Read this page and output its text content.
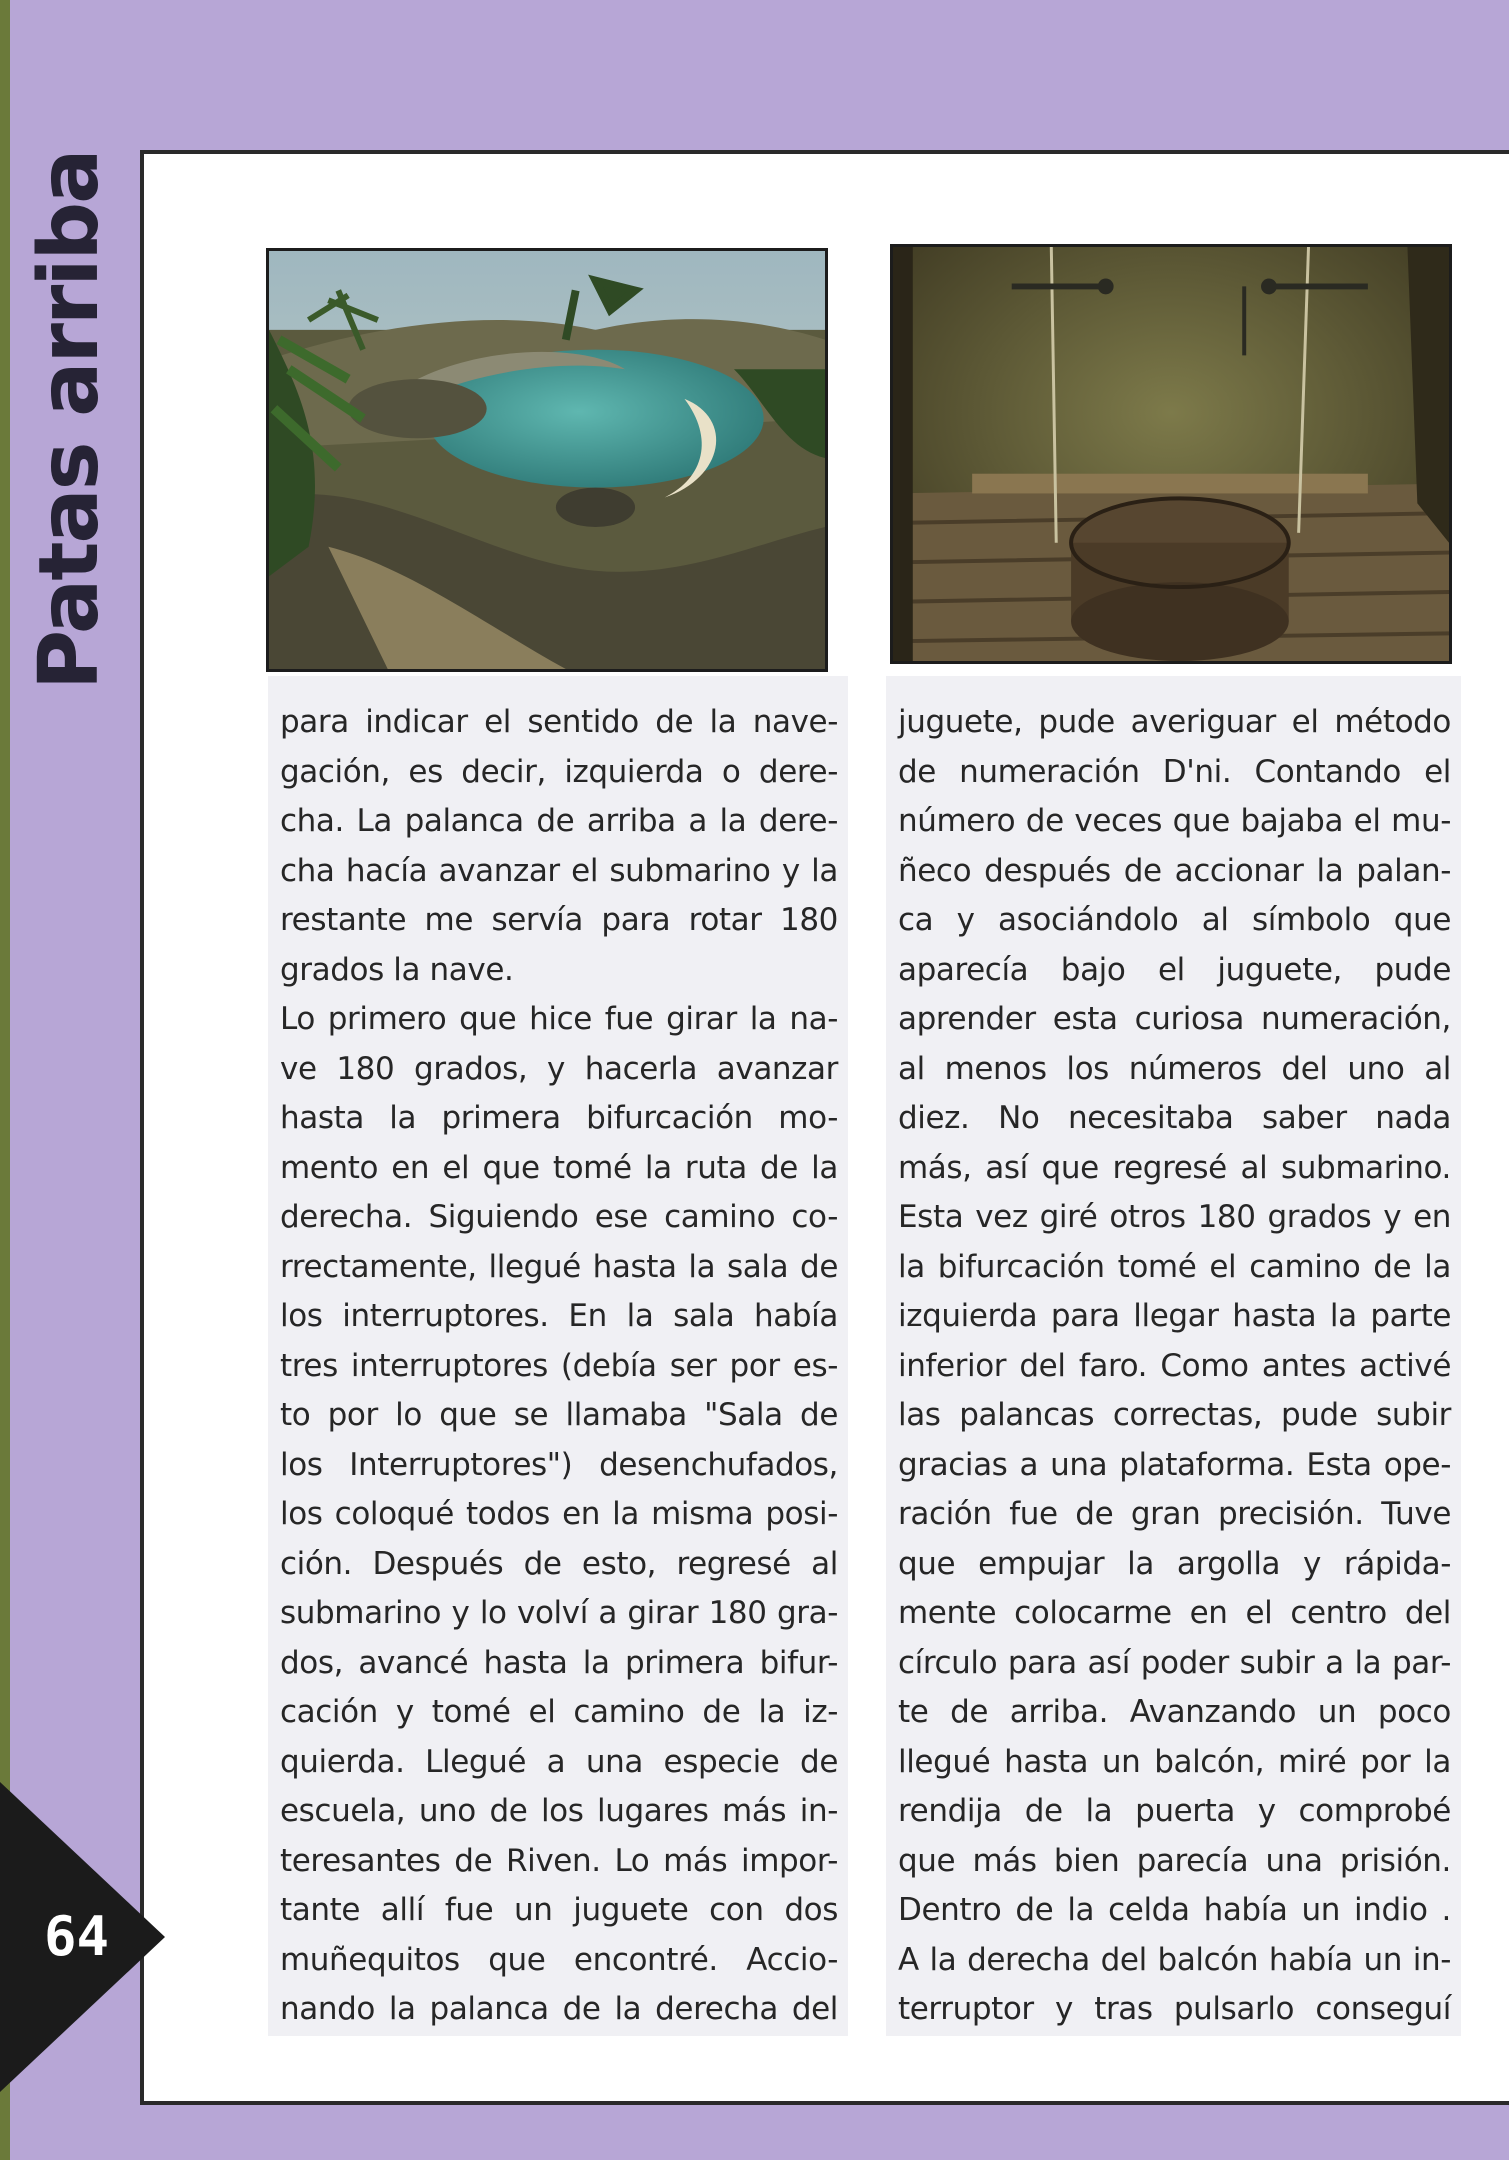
Patas arriba
para indicar el sentido de la nave-
gación, es decir, izquierda o dere-
cha. La palanca de arriba a la dere-
cha hacía avanzar el submarino y la
restante me servía para rotar 180
grados la nave.
Lo primero que hice fue girar la na-
ve 180 grados, y hacerla avanzar
hasta la primera bifurcación mo-
mento en el que tomé la ruta de la
derecha. Siguiendo ese camino co-
rrectamente, llegué hasta la sala de
los interruptores. En la sala había
tres interruptores (debía ser por es-
to por lo que se llamaba "Sala de
los Interruptores") desenchufados,
los coloqué todos en la misma posi-
ción. Después de esto, regresé al
submarino y lo volví a girar 180 gra-
dos, avancé hasta la primera bifur-
cación y tomé el camino de la iz-
quierda. Llegué a una especie de
escuela, uno de los lugares más in-
teresantes de Riven. Lo más impor-
tante allí fue un juguete con dos
muñequitos que encontré. Accio-
nando la palanca de la derecha del
juguete, pude averiguar el método
de numeración D'ni. Contando el
número de veces que bajaba el mu-
ñeco después de accionar la palan-
ca y asociándolo al símbolo que
aparecía bajo el juguete, pude
aprender esta curiosa numeración,
al menos los números del uno al
diez. No necesitaba saber nada
más, así que regresé al submarino.
Esta vez giré otros 180 grados y en
la bifurcación tomé el camino de la
izquierda para llegar hasta la parte
inferior del faro. Como antes activé
las palancas correctas, pude subir
gracias a una plataforma. Esta ope-
ración fue de gran precisión. Tuve
que empujar la argolla y rápida-
mente colocarme en el centro del
círculo para así poder subir a la par-
te de arriba. Avanzando un poco
llegué hasta un balcón, miré por la
rendija de la puerta y comprobé
que más bien parecía una prisión.
Dentro de la celda había un indio .
A la derecha del balcón había un in-
terruptor y tras pulsarlo conseguí
64
